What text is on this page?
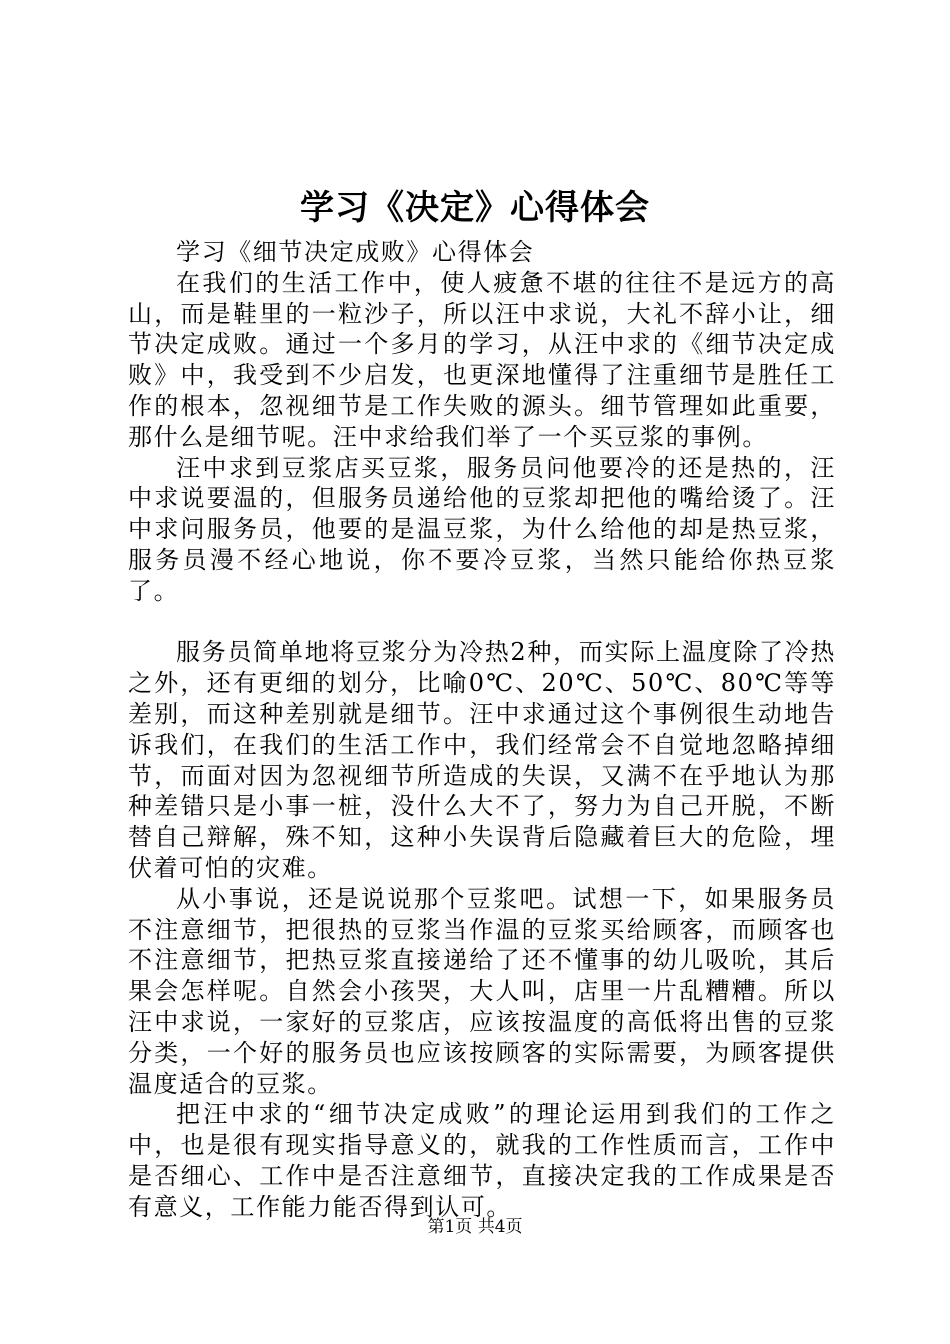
学习《决定》心得体会

学习《细节决定成败》心得体会

在我们的生活工作中，使人疲惫不堪的往往不是远方的高山，而是鞋里的一粒沙子，所以汪中求说，大礼不辞小让，细节决定成败。通过一个多月的学习，从汪中求的《细节决定成败》中，我受到不少启发，也更深地懂得了注重细节是胜任工作的根本，忽视细节是工作失败的源头。细节管理如此重要，那什么是细节呢。汪中求给我们举了一个买豆浆的事例。

汪中求到豆浆店买豆浆，服务员问他要冷的还是热的，汪中求说要温的，但服务员递给他的豆浆却把他的嘴给烫了。汪中求问服务员，他要的是温豆浆，为什么给他的却是热豆浆，服务员漫不经心地说，你不要冷豆浆，当然只能给你热豆浆了。

服务员简单地将豆浆分为冷热2种，而实际上温度除了冷热之外，还有更细的划分，比喻0℃、20℃、50℃、80℃等等差别，而这种差别就是细节。汪中求通过这个事例很生动地告诉我们，在我们的生活工作中，我们经常会不自觉地忽略掉细节，而面对因为忽视细节所造成的失误，又满不在乎地认为那种差错只是小事一桩，没什么大不了，努力为自己开脱，不断替自己辩解，殊不知，这种小失误背后隐藏着巨大的危险，埋伏着可怕的灾难。

从小事说，还是说说那个豆浆吧。试想一下，如果服务员不注意细节，把很热的豆浆当作温的豆浆买给顾客，而顾客也不注意细节，把热豆浆直接递给了还不懂事的幼儿吸吮，其后果会怎样呢。自然会小孩哭，大人叫，店里一片乱糟糟。所以汪中求说，一家好的豆浆店，应该按温度的高低将出售的豆浆分类，一个好的服务员也应该按顾客的实际需要，为顾客提供温度适合的豆浆。

把汪中求的“细节决定成败”的理论运用到我们的工作之中，也是很有现实指导意义的，就我的工作性质而言，工作中是否细心、工作中是否注意细节，直接决定我的工作成果是否有意义，工作能力能否得到认可。

第1页 共4页
